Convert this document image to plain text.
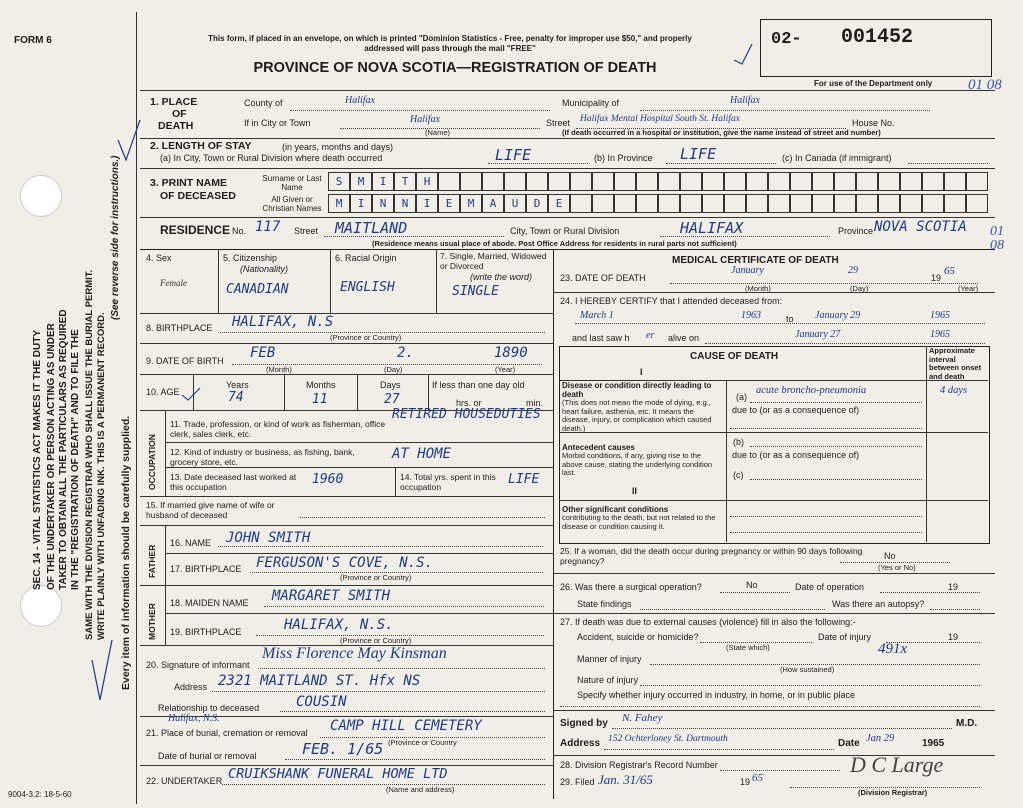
FORM 6	This form, if placed in an envelope, on which is printed "Dominion Statistics - Free, penalty for improper use $50," and properly addressed will pass through the mail "FREE"
PROVINCE OF NOVA SCOTIA—REGISTRATION OF DEATH
02- 001452
For use of the Department only 01 08
SEC. 14 - VITAL STATISTICS ACT MAKES IT THE DUTY OF THE UNDERTAKER OR PERSON ACTING AS UNDER TAKER TO OBTAIN ALL THE PARTICULARS AS REQUIRED IN THE "REGISTRATION OF DEATH" AND TO FILE THE SAME WITH THE DIVISION REGISTRAR WHO SHALL ISSUE THE BURIAL PERMIT. WRITE PLAINLY WITH UNFADING INK. THIS IS A PERMANENT RECORD.
(See reverse side for instructions.)
Every item of information should be carefully supplied.
1. PLACE
OF
DEATH
County of	Halifax	Municipality of	Halifax
If in City or Town	Halifax
(Name)
Street Halifax Mental Hospital South St. Halifax	House No.
(If death occurred in a hospital or institution, give the name instead of street and number)
2. LENGTH OF STAY	(in years, months and days)
(a) In City, Town or Rural Division where death occurred	LIFE	(b) In Province LIFE	(c) In Canada (if immigrant)
3. PRINT NAME
OF DECEASED
Surname or Last Name
All Given or Christian Names
S	M	I	T	H
M	I	N	N	I	E	M	A	U	D	E
RESIDENCE No. 117 Street MAITLAND	City, Town or Rural Division	HALIFAX	Province NOVA SCOTIA
(Residence means usual place of abode. Post Office Address for residents in rural parts not sufficient)
01 08
4. Sex
Female
5. Citizenship
(Nationality)
CANADIAN
6. Racial Origin
ENGLISH
7. Single, Married, Widowed or Divorced
(write the word)
SINGLE
8. BIRTHPLACE HALIFAX, N.S
(Province or Country)
9. DATE OF BIRTH FEB	2.	1890
(Month)	(Day)	(Year)
10. AGE
Years
74
Months
11
Days
27
If less than one day old
hrs. or	min.
OCCUPATION
11. Trade, profession, or kind of work as fisherman, office clerk, sales clerk, etc.
RETIRED HOUSEDUTIES
12. Kind of industry or business, as fishing, bank, grocery store, etc.	AT HOME
13. Date deceased last worked at this occupation	1960	14. Total yrs. spent in this occupation	LIFE
15. If married give name of wife or husband of deceased
FATHER
16. NAME JOHN SMITH
17. BIRTHPLACE FERGUSON'S COVE, N.S.
(Province or Country)
MOTHER
18. MAIDEN NAME MARGARET SMITH
19. BIRTHPLACE	HALIFAX, N.S.
(Province or Country)
20. Signature of informant
Miss Florence May Kinsman
Address 2321 MAITLAND ST. Hfx NS
Relationship to deceased	COUSIN
Halifax, N.S.
21. Place of burial, cremation or removal CAMP HILL CEMETERY
(Province or Country
Date of burial or removal	FEB. 1/65
22. UNDERTAKER CRUIKSHANK FUNERAL HOME LTD
(Name and address)
9004-3.2: 18-5-60
MEDICAL CERTIFICATE OF DEATH
23. DATE OF DEATH
January	29
19
65
(Month)	(Day)	(Year)
24. I HEREBY CERTIFY that I attended deceased from:
March 1	1963	to January 29	1965
and last saw h er alive on	January 27	1965
CAUSE OF DEATH
Approximate interval between onset and death
I
Disease or condition directly leading to death
(This does not mean the mode of dying, e.g., heart failure, asthenia, etc. It means the disease, injury, or complication which caused death.)
(a)
acute broncho-pneumonia	4 days
due to (or as a consequence of)
Antecedent causes
Morbid conditions, if any, giving rise to the above cause, stating the underlying condition last.
(b)
due to (or as a consequence of)
(c)
II
Other significant conditions
contributing to the death, but not related to the disease or condition causing it.
25. If a woman, did the death occur during pregnancy or within 90 days following pregnancy?	No
(Yes or No)
26. Was there a surgical operation?	No	Date of operation	19
State findings	Was there an autopsy?
27. If death was due to external causes (violence) fill in also the following:-
Accident, suicide or homicide?
(State which)
Date of injury	19
491x
Manner of injury
(How sustained)
Nature of injury
Specify whether injury occurred in industry, in home, or in public place
Signed by N. Fahey	M.D.
Address 152 Ochterloney St. Dartmouth	Date Jan 29	1965
28. Division Registrar's Record Number
29. Filed Jan. 31/65	19 65
D C Large
(Division Registrar)
